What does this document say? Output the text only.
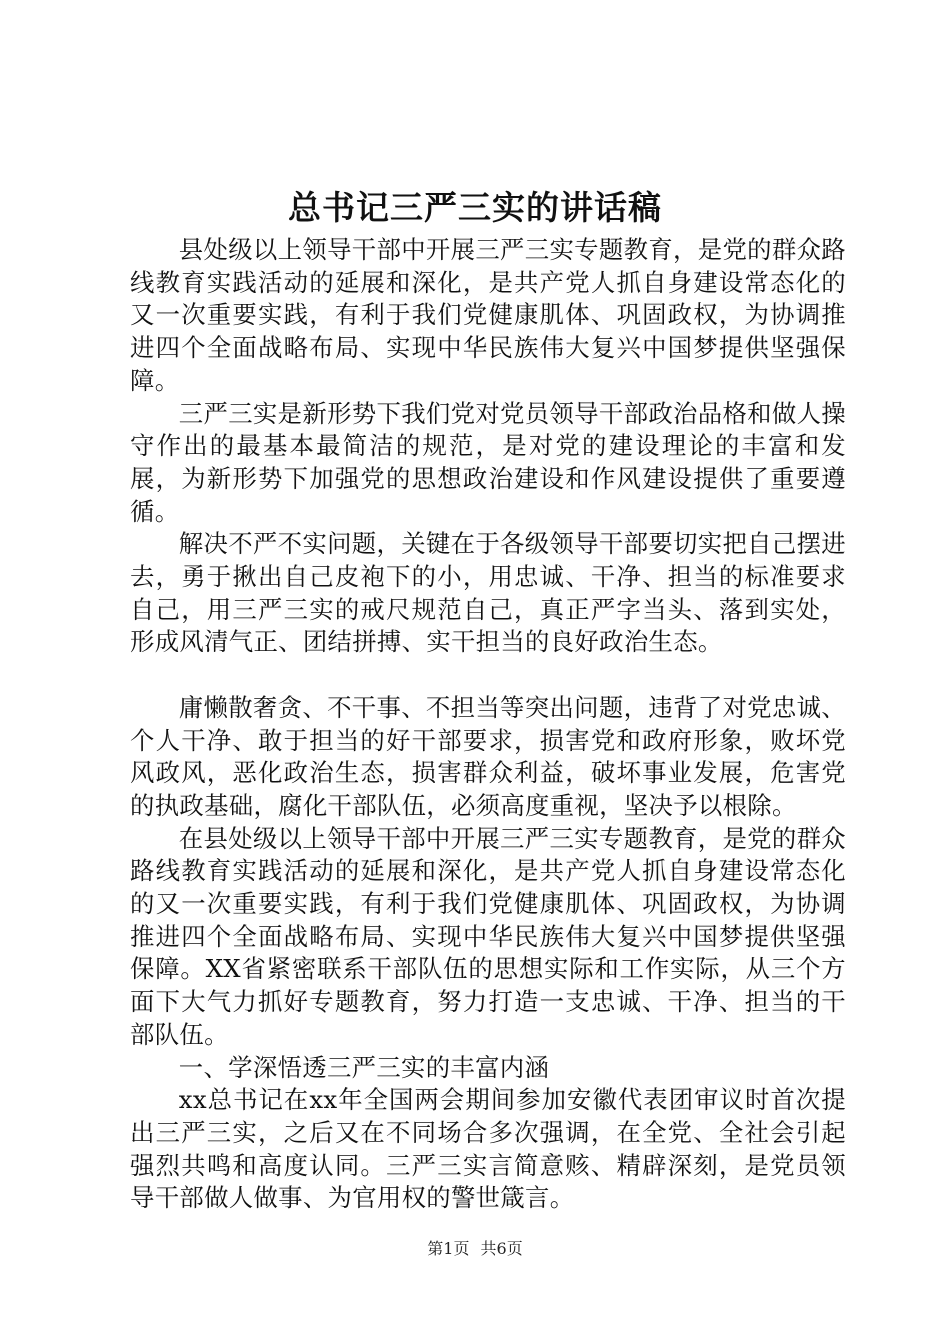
总书记三严三实的讲话稿

县处级以上领导干部中开展三严三实专题教育，是党的群众路线教育实践活动的延展和深化，是共产党人抓自身建设常态化的又一次重要实践，有利于我们党健康肌体、巩固政权，为协调推进四个全面战略布局、实现中华民族伟大复兴中国梦提供坚强保障。

三严三实是新形势下我们党对党员领导干部政治品格和做人操守作出的最基本最简洁的规范，是对党的建设理论的丰富和发展，为新形势下加强党的思想政治建设和作风建设提供了重要遵循。

解决不严不实问题，关键在于各级领导干部要切实把自己摆进去，勇于揪出自己皮袍下的小，用忠诚、干净、担当的标准要求自己，用三严三实的戒尺规范自己，真正严字当头、落到实处，形成风清气正、团结拼搏、实干担当的良好政治生态。

庸懒散奢贪、不干事、不担当等突出问题，违背了对党忠诚、个人干净、敢于担当的好干部要求，损害党和政府形象，败坏党风政风，恶化政治生态，损害群众利益，破坏事业发展，危害党的执政基础，腐化干部队伍，必须高度重视，坚决予以根除。

在县处级以上领导干部中开展三严三实专题教育，是党的群众路线教育实践活动的延展和深化，是共产党人抓自身建设常态化的又一次重要实践，有利于我们党健康肌体、巩固政权，为协调推进四个全面战略布局、实现中华民族伟大复兴中国梦提供坚强保障。XX省紧密联系干部队伍的思想实际和工作实际，从三个方面下大气力抓好专题教育，努力打造一支忠诚、干净、担当的干部队伍。

一、学深悟透三严三实的丰富内涵

xx总书记在xx年全国两会期间参加安徽代表团审议时首次提出三严三实，之后又在不同场合多次强调，在全党、全社会引起强烈共鸣和高度认同。三严三实言简意赅、精辟深刻，是党员领导干部做人做事、为官用权的警世箴言。

第1页 共6页
